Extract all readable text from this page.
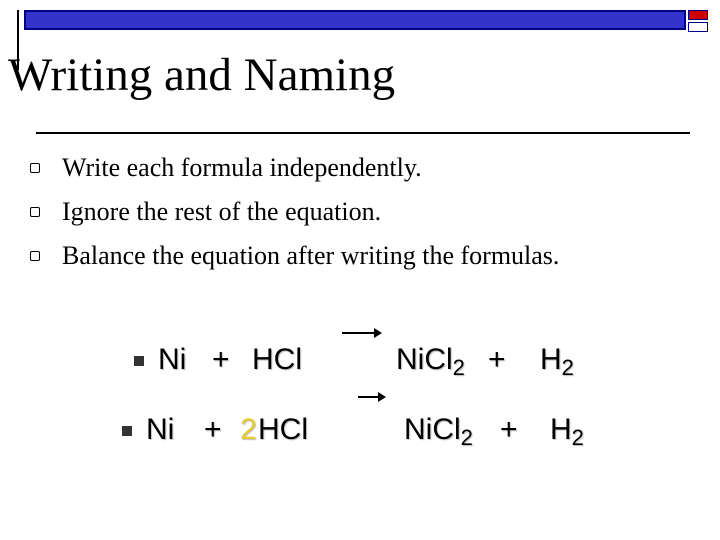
Writing and Naming
Write each formula independently.
Ignore the rest of the equation.
Balance the equation after writing the formulas.
Ni + HCl	NiCl$_2$ + $H_2$
Ni + 2 HCl	NiCl$_2$ + $H_2$
